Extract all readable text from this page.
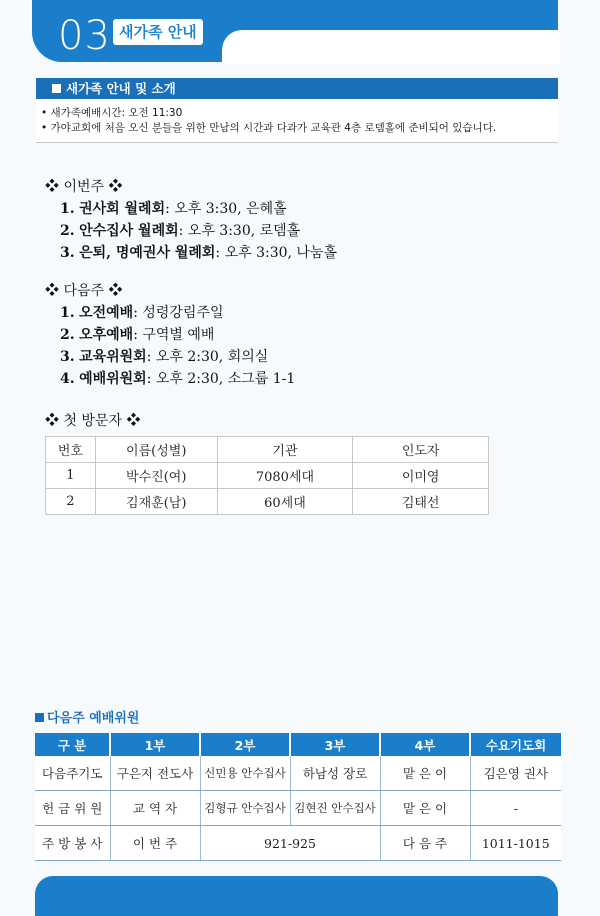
03 새가족 안내
새가족 안내 및 소개
• 새가족예배시간: 오전 11:30
• 가야교회에 처음 오신 분들을 위한 만남의 시간과 다과가 교육관 4층 로뎀홀에 준비되어 있습니다.
❖ 이번주 ❖
1. 권사회 월례회: 오후 3:30, 은혜홀
2. 안수집사 월례회: 오후 3:30, 로뎀홀
3. 은퇴, 명예권사 월례회: 오후 3:30, 나눔홀
❖ 다음주 ❖
1. 오전예배: 성령강림주일
2. 오후예배: 구역별 예배
3. 교육위원회: 오후 2:30, 회의실
4. 예배위원회: 오후 2:30, 소그룹 1-1
❖ 첫 방문자 ❖
번호	이름(성별)	기관	인도자
1	박수진(여)	7080세대	이미영
2	김재훈(남)	60세대	김태선
다음주 예배위원
구 분	1부	2부	3부	4부	수요기도회
다음주기도	구은지 전도사	신민용 안수집사	하남성 장로	맡 은 이	김은영 권사
헌 금 위 원	교 역 자	김형규 안수집사	김현진 안수집사	맡 은 이	-
주 방 봉 사	이 번 주	921-925		다 음 주	1011-1015
